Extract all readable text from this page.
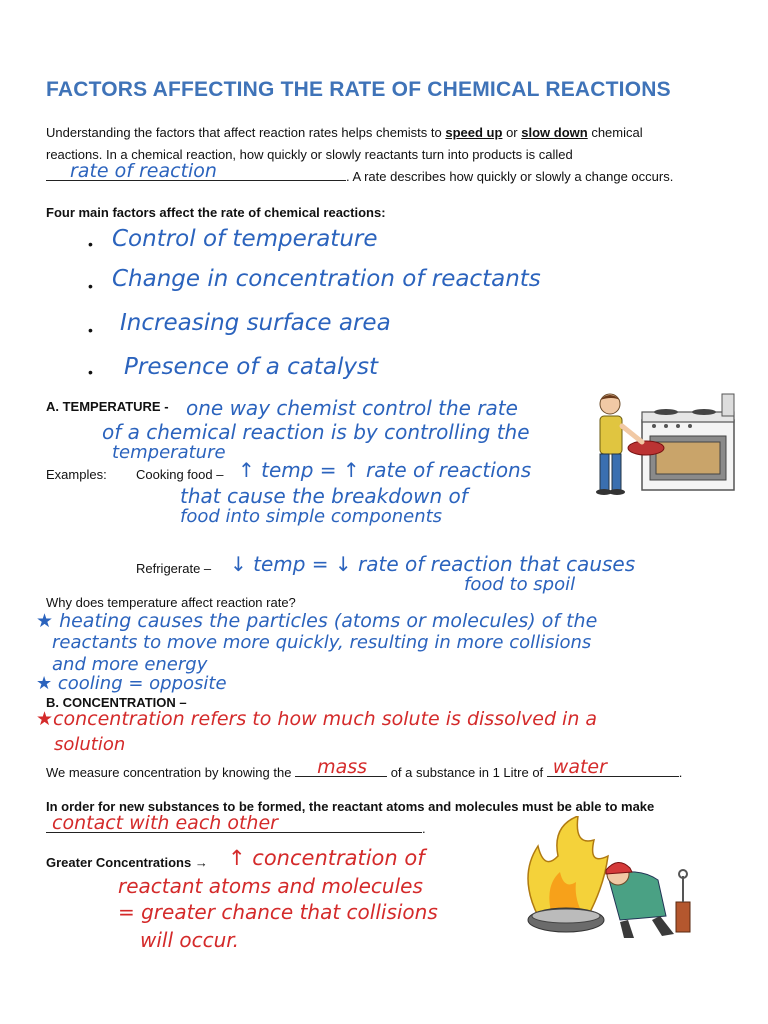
FACTORS AFFECTING THE RATE OF CHEMICAL REACTIONS
Understanding the factors that affect reaction rates helps chemists to speed up or slow down chemical
reactions. In a chemical reaction, how quickly or slowly reactants turn into products is called
rate of reaction	. A rate describes how quickly or slowly a change occurs.
Four main factors affect the rate of chemical reactions:
• Control of temperature
• Change in concentration of reactants
• Increasing surface area
• Presence of a catalyst
A. TEMPERATURE - one way chemist control the rate
of a chemical reaction is by controlling the
temperature
Examples: Cooking food – ↑ temp = ↑ rate of reactions
that cause the breakdown of
food into simple components
Refrigerate – ↓ temp = ↓ rate of reaction that causes
food to spoil
Why does temperature affect reaction rate?
★ heating causes the particles (atoms or molecules) of the
reactants to move more quickly, resulting in more collisions
and more energy
★ cooling = opposite
B. CONCENTRATION –
★concentration refers to how much solute is dissolved in a
solution
We measure concentration by knowing the mass of a substance in 1 Litre of water	.
In order for new substances to be formed, the reactant atoms and molecules must be able to make
contact with each other	.
Greater Concentrations → ↑ concentration of
reactant atoms and molecules
= greater chance that collisions
will occur.
